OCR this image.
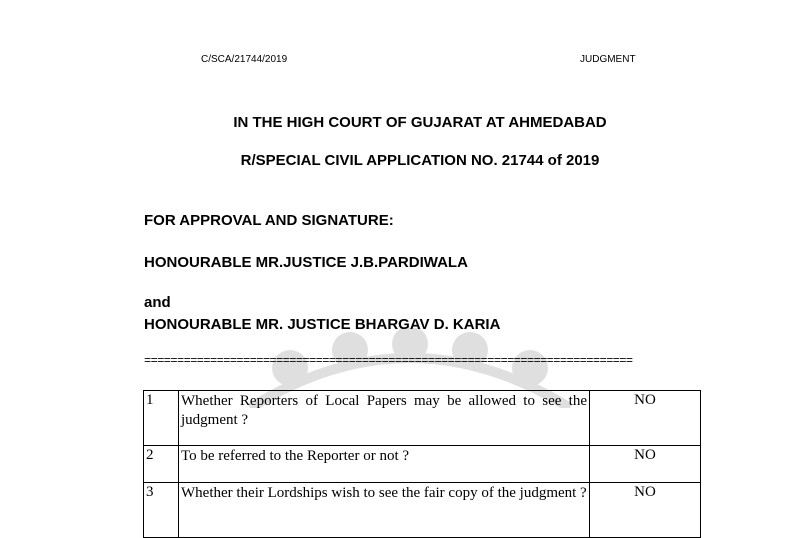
C/SCA/21744/2019	JUDGMENT
IN THE HIGH COURT OF GUJARAT AT AHMEDABAD
R/SPECIAL CIVIL APPLICATION NO. 21744 of 2019
FOR APPROVAL AND SIGNATURE:
HONOURABLE MR.JUSTICE J.B.PARDIWALA
and
HONOURABLE MR. JUSTICE BHARGAV D. KARIA
==========================================================================
1	Whether Reporters of Local Papers may be allowed to see the judgment ?	NO
2	To be referred to the Reporter or not ?	NO
3	Whether their Lordships wish to see the fair copy of the judgment ?	NO
